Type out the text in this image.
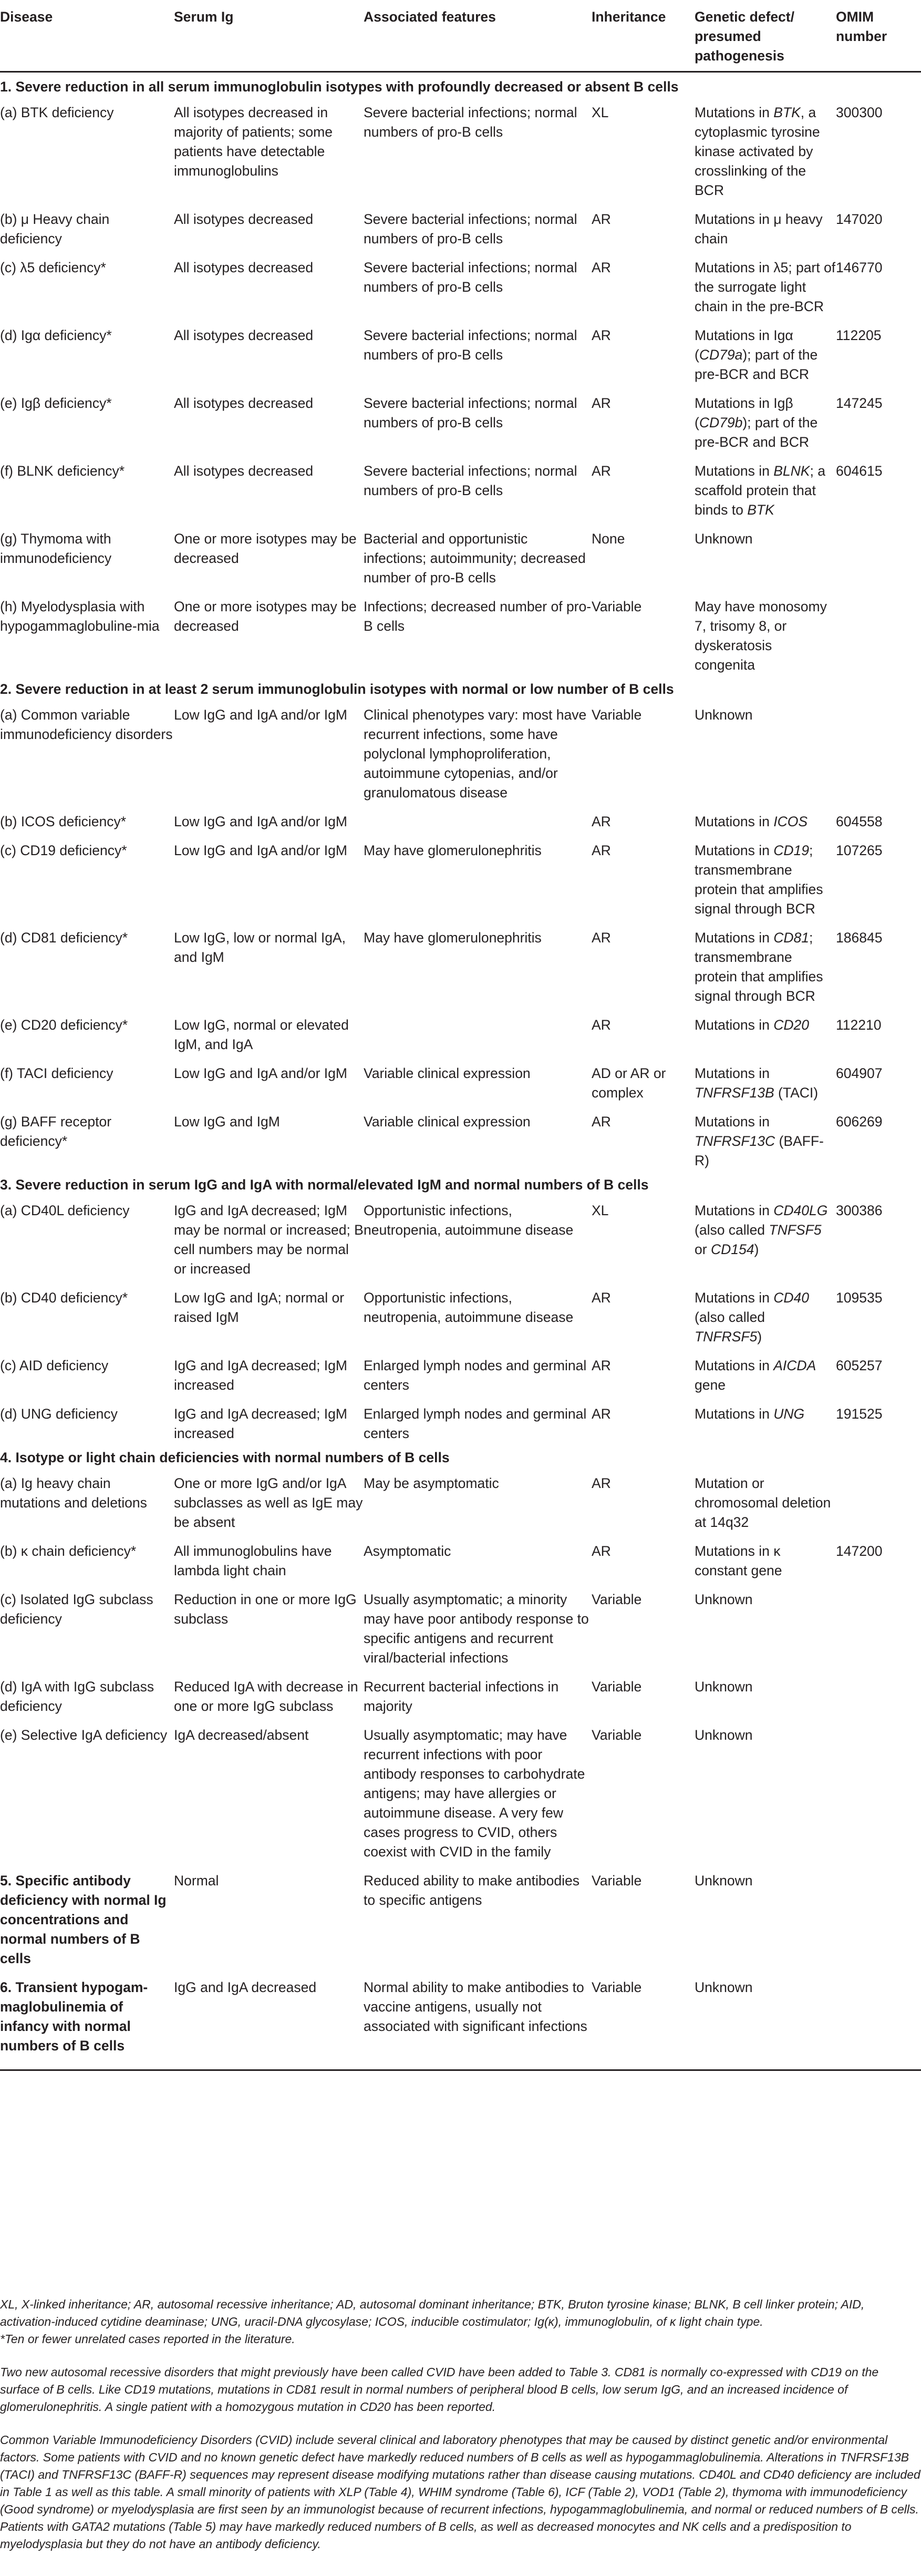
Disease	Serum Ig	Associated features	Inheritance	Genetic defect/ presumed pathogenesis	OMIM
number

1. Severe reduction in all serum immunoglobulin isotypes with profoundly decreased or absent B cells					
(a) BTK deficiency	All isotypes decreased in majority of patients; some patients have detectable immunoglobulins	Severe bacterial infections; normal numbers of pro-B cells	XL	Mutations in BTK, a cytoplasmic tyrosine kinase activated by crosslinking of the BCR	300300
(b) μ Heavy chain deficiency	All isotypes decreased	Severe bacterial infections; normal numbers of pro-B cells	AR	Mutations in μ heavy chain	147020
(c) λ5 deficiency*	All isotypes decreased	Severe bacterial infections; normal numbers of pro-B cells	AR	Mutations in λ5; part of the surrogate light chain in the pre-BCR	146770
(d) Igα deficiency*	All isotypes decreased	Severe bacterial infections; normal numbers of pro-B cells	AR	Mutations in Igα (CD79a); part of the pre-BCR and BCR	112205
(e) Igβ deficiency*	All isotypes decreased	Severe bacterial infections; normal numbers of pro-B cells	AR	Mutations in Igβ (CD79b); part of the pre-BCR and BCR	147245
(f) BLNK deficiency*	All isotypes decreased	Severe bacterial infections; normal numbers of pro-B cells	AR	Mutations in BLNK; a scaffold protein that binds to BTK	604615
(g) Thymoma with immunodeficiency	One or more isotypes may be decreased	Bacterial and opportunistic infections; autoimmunity; decreased number of pro-B cells	None	Unknown	
(h) Myelodysplasia with hypogammaglobuline-mia	One or more isotypes may be decreased	Infections; decreased number of pro-B cells	Variable	May have monosomy 7, trisomy 8, or dyskeratosis congenita	
2. Severe reduction in at least 2 serum immunoglobulin isotypes with normal or low number of B cells					
(a) Common variable immunodeficiency disorders	Low IgG and IgA and/or IgM	Clinical phenotypes vary: most have recurrent infections, some have polyclonal lymphoproliferation, autoimmune cytopenias, and/or granulomatous disease	Variable	Unknown	
(b) ICOS deficiency*	Low IgG and IgA and/or IgM		AR	Mutations in ICOS	604558
(c) CD19 deficiency*	Low IgG and IgA and/or IgM	May have glomerulonephritis	AR	Mutations in CD19; transmembrane protein that amplifies signal through BCR	107265
(d) CD81 deficiency*	Low IgG, low or normal IgA, and IgM	May have glomerulonephritis	AR	Mutations in CD81; transmembrane protein that amplifies signal through BCR	186845
(e) CD20 deficiency*	Low IgG, normal or elevated IgM, and IgA		AR	Mutations in CD20	112210
(f) TACI deficiency	Low IgG and IgA and/or IgM	Variable clinical expression	AD or AR or complex	Mutations in TNFRSF13B (TACI)	604907
(g) BAFF receptor deficiency*	Low IgG and IgM	Variable clinical expression	AR	Mutations in TNFRSF13C (BAFF-R)	606269
3. Severe reduction in serum IgG and IgA with normal/elevated IgM and normal numbers of B cells					
(a) CD40L deficiency	IgG and IgA decreased; IgM may be normal or increased; B cell numbers may be normal or increased	Opportunistic infections, neutropenia, autoimmune disease	XL	Mutations in CD40LG (also called TNFSF5 or CD154)	300386
(b) CD40 deficiency*	Low IgG and IgA; normal or raised IgM	Opportunistic infections, neutropenia, autoimmune disease	AR	Mutations in CD40 (also called TNFRSF5)	109535
(c) AID deficiency	IgG and IgA decreased; IgM increased	Enlarged lymph nodes and germinal centers	AR	Mutations in AICDA gene	605257
(d) UNG deficiency	IgG and IgA decreased; IgM increased	Enlarged lymph nodes and germinal centers	AR	Mutations in UNG	191525
4. Isotype or light chain deficiencies with normal numbers of B cells					
(a) Ig heavy chain mutations and deletions	One or more IgG and/or IgA subclasses as well as IgE may be absent	May be asymptomatic	AR	Mutation or chromosomal deletion at 14q32	
(b) κ chain deficiency*	All immunoglobulins have lambda light chain	Asymptomatic	AR	Mutations in κ constant gene	147200
(c) Isolated IgG subclass deficiency	Reduction in one or more IgG subclass	Usually asymptomatic; a minority may have poor antibody response to specific antigens and recurrent viral/bacterial infections	Variable	Unknown	
(d) IgA with IgG subclass deficiency	Reduced IgA with decrease in one or more IgG subclass	Recurrent bacterial infections in majority	Variable	Unknown	
(e) Selective IgA deficiency	IgA decreased/absent	Usually asymptomatic; may have recurrent infections with poor antibody responses to carbohydrate antigens; may have allergies or autoimmune disease. A very few cases progress to CVID, others coexist with CVID in the family	Variable	Unknown	
5. Specific antibody deficiency with normal Ig concentrations and normal numbers of B cells	Normal	Reduced ability to make antibodies to specific antigens	Variable	Unknown	
6. Transient hypogam-maglobulinemia of infancy with normal numbers of B cells	IgG and IgA decreased	Normal ability to make antibodies to vaccine antigens, usually not associated with significant infections	Variable	Unknown	

XL, X-linked inheritance; AR, autosomal recessive inheritance; AD, autosomal dominant inheritance; BTK, Bruton tyrosine kinase; BLNK, B cell linker protein; AID, activation-induced cytidine deaminase; UNG, uracil-DNA glycosylase; ICOS, inducible costimulator; Ig(κ), immunoglobulin, of κ light chain type.

*Ten or fewer unrelated cases reported in the literature.

Two new autosomal recessive disorders that might previously have been called CVID have been added to Table 3. CD81 is normally co-expressed with CD19 on the surface of B cells. Like CD19 mutations, mutations in CD81 result in normal numbers of peripheral blood B cells, low serum IgG, and an increased incidence of glomerulonephritis. A single patient with a homozygous mutation in CD20 has been reported.

Common Variable Immunodeficiency Disorders (CVID) include several clinical and laboratory phenotypes that may be caused by distinct genetic and/or environmental factors. Some patients with CVID and no known genetic defect have markedly reduced numbers of B cells as well as hypogammaglobulinemia. Alterations in TNFRSF13B (TACI) and TNFRSF13C (BAFF-R) sequences may represent disease modifying mutations rather than disease causing mutations. CD40L and CD40 deficiency are included in Table 1 as well as this table. A small minority of patients with XLP (Table 4), WHIM syndrome (Table 6), ICF (Table 2), VOD1 (Table 2), thymoma with immunodeficiency (Good syndrome) or myelodysplasia are first seen by an immunologist because of recurrent infections, hypogammaglobulinemia, and normal or reduced numbers of B cells. Patients with GATA2 mutations (Table 5) may have markedly reduced numbers of B cells, as well as decreased monocytes and NK cells and a predisposition to myelodysplasia but they do not have an antibody deficiency.
